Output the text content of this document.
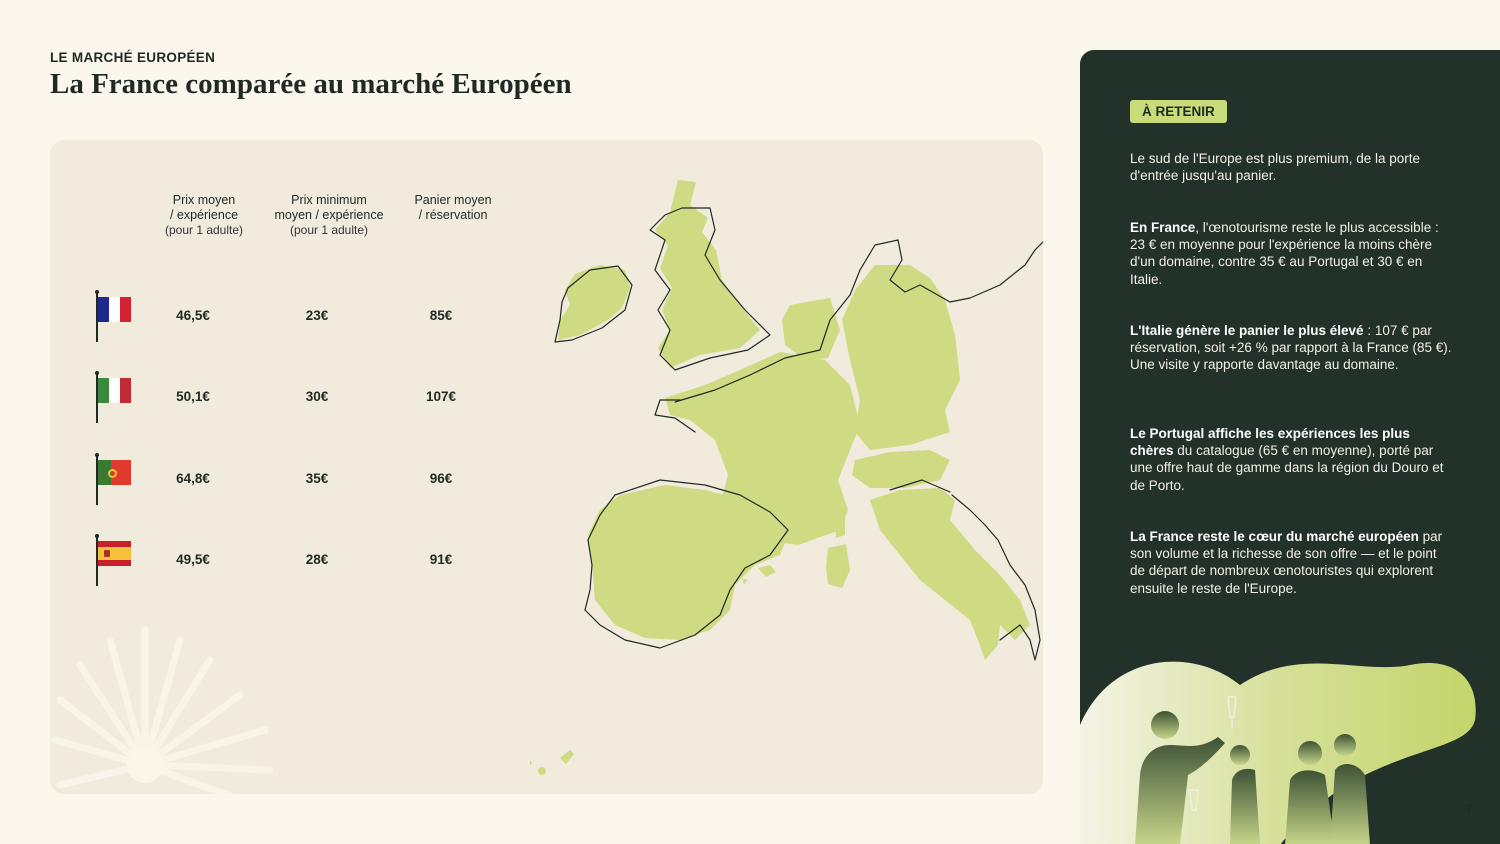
LE MARCHÉ EUROPÉEN
La France comparée au marché Européen
Prix moyen
/ expérience

(pour 1 adulte)
Prix minimum
moyen / expérience

(pour 1 adulte)
Panier moyen
/ réservation
46,5€	23€	85€
50,1€	30€	107€
64,8€	35€	96€
49,5€	28€	91€
À RETENIR

Le sud de l'Europe est plus premium, de la porte d'entrée jusqu'au panier.

En France, l'œnotourisme reste le plus accessible : 23 € en moyenne pour l'expérience la moins chère d'un domaine, contre 35 € au Portugal et 30 € en Italie.

L'Italie génère le panier le plus élevé : 107 € par réservation, soit +26 % par rapport à la France (85 €). Une visite y rapporte davantage au domaine.

Le Portugal affiche les expériences les plus chères du catalogue (65 € en moyenne), porté par une offre haut de gamme dans la région du Douro et de Porto.

La France reste le cœur du marché européen par son volume et la richesse de son offre — et le point de départ de nombreux œnotouristes qui explorent ensuite le reste de l'Europe.

7
